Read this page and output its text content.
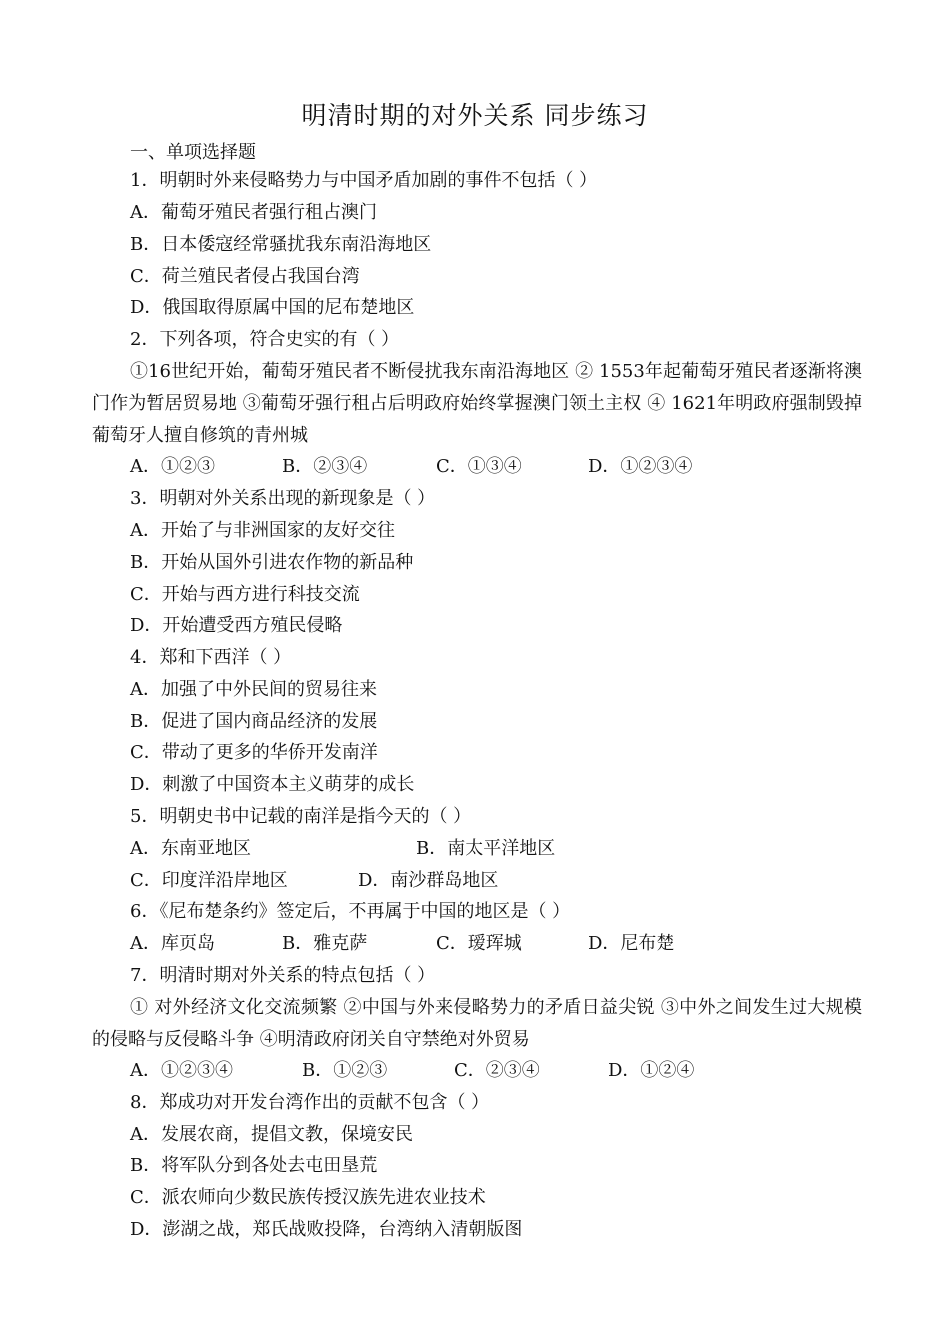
明清时期的对外关系 同步练习
一、单项选择题
1．明朝时外来侵略势力与中国矛盾加剧的事件不包括（ ）
A．葡萄牙殖民者强行租占澳门
B．日本倭寇经常骚扰我东南沿海地区
C．荷兰殖民者侵占我国台湾
D．俄国取得原属中国的尼布楚地区
2．下列各项，符合史实的有（ ）
①16世纪开始，葡萄牙殖民者不断侵扰我东南沿海地区 ② 1553年起葡萄牙殖民者逐渐将澳门作为暂居贸易地 ③葡萄牙强行租占后明政府始终掌握澳门领土主权 ④ 1621年明政府强制毁掉葡萄牙人擅自修筑的青州城
A．①②③	B．②③④	C．①③④	D．①②③④
3．明朝对外关系出现的新现象是（ ）
A．开始了与非洲国家的友好交往
B．开始从国外引进农作物的新品种
C．开始与西方进行科技交流
D．开始遭受西方殖民侵略
4．郑和下西洋（ ）
A．加强了中外民间的贸易往来
B．促进了国内商品经济的发展
C．带动了更多的华侨开发南洋
D．刺激了中国资本主义萌芽的成长
5．明朝史书中记载的南洋是指今天的（ ）
A．东南亚地区	B．南太平洋地区
C．印度洋沿岸地区	D．南沙群岛地区
6．《尼布楚条约》签定后，不再属于中国的地区是（ ）
A．库页岛	B．雅克萨	C．瑷珲城	D．尼布楚
7．明清时期对外关系的特点包括（ ）
① 对外经济文化交流频繁 ②中国与外来侵略势力的矛盾日益尖锐 ③中外之间发生过大规模的侵略与反侵略斗争 ④明清政府闭关自守禁绝对外贸易
A．①②③④	B．①②③	C．②③④	D．①②④
8．郑成功对开发台湾作出的贡献不包含（ ）
A．发展农商，提倡文教，保境安民
B．将军队分到各处去屯田垦荒
C．派农师向少数民族传授汉族先进农业技术
D．澎湖之战，郑氏战败投降，台湾纳入清朝版图
